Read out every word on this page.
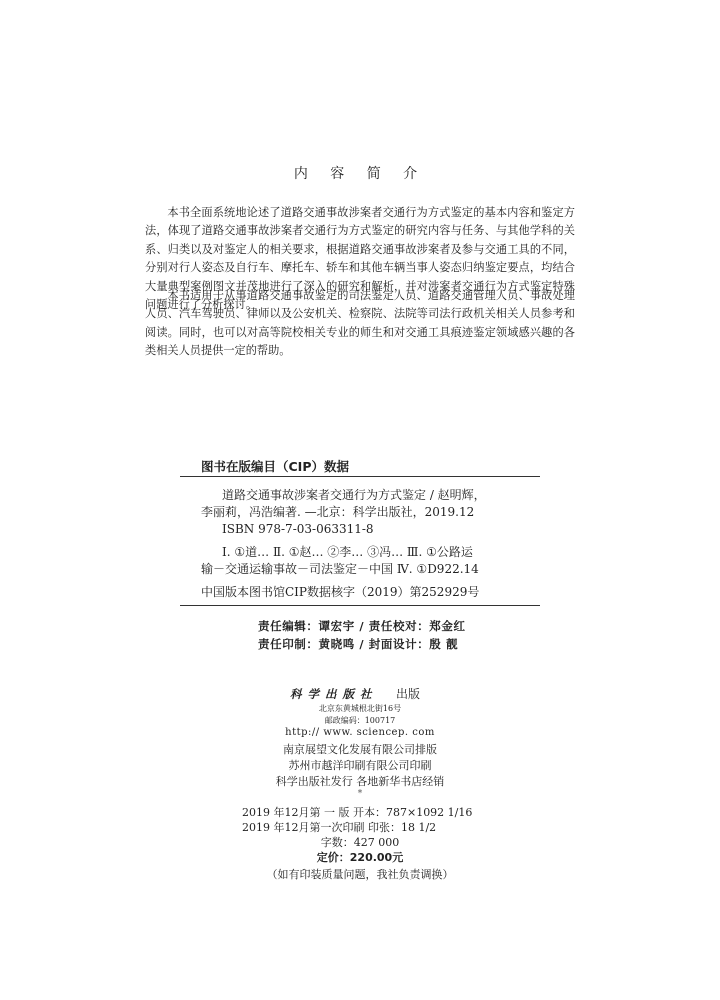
内 容 简 介

本书全面系统地论述了道路交通事故涉案者交通行为方式鉴定的基本内容和鉴定方法，体现了道路交通事故涉案者交通行为方式鉴定的研究内容与任务、与其他学科的关系、归类以及对鉴定人的相关要求，根据道路交通事故涉案者及参与交通工具的不同，分别对行人姿态及自行车、摩托车、轿车和其他车辆当事人姿态归纳鉴定要点，均结合大量典型案例图文并茂地进行了深入的研究和解析，并对涉案者交通行为方式鉴定特殊问题进行了分析探讨。

本书适用于从事道路交通事故鉴定的司法鉴定人员、道路交通管理人员、事故处理人员、汽车驾驶员、律师以及公安机关、检察院、法院等司法行政机关相关人员参考和阅读。同时，也可以对高等院校相关专业的师生和对交通工具痕迹鉴定领域感兴趣的各类相关人员提供一定的帮助。

图书在版编目（CIP）数据
道路交通事故涉案者交通行为方式鉴定 / 赵明辉，
李丽莉，冯浩编著. —北京：科学出版社，2019.12
ISBN 978-7-03-063311-8
Ⅰ. ①道… Ⅱ. ①赵… ②李… ③冯… Ⅲ. ①公路运
输－交通运输事故－司法鉴定－中国 Ⅳ. ①D922.14
中国版本图书馆CIP数据核字（2019）第252929号
责任编辑：谭宏宇 / 责任校对：郑金红
责任印制：黄晓鸣 / 封面设计：殷 靓
科学出版社 出版
北京东黄城根北街16号
邮政编码：100717
http:// www. sciencep. com
南京展望文化发展有限公司排版
苏州市越洋印刷有限公司印刷
科学出版社发行 各地新华书店经销
*
2019 年12月第 一 版 开本：787×1092 1/16
2019 年12月第一次印刷 印张：18 1/2
字数：427 000
定价：220.00元
（如有印装质量问题，我社负责调换）
